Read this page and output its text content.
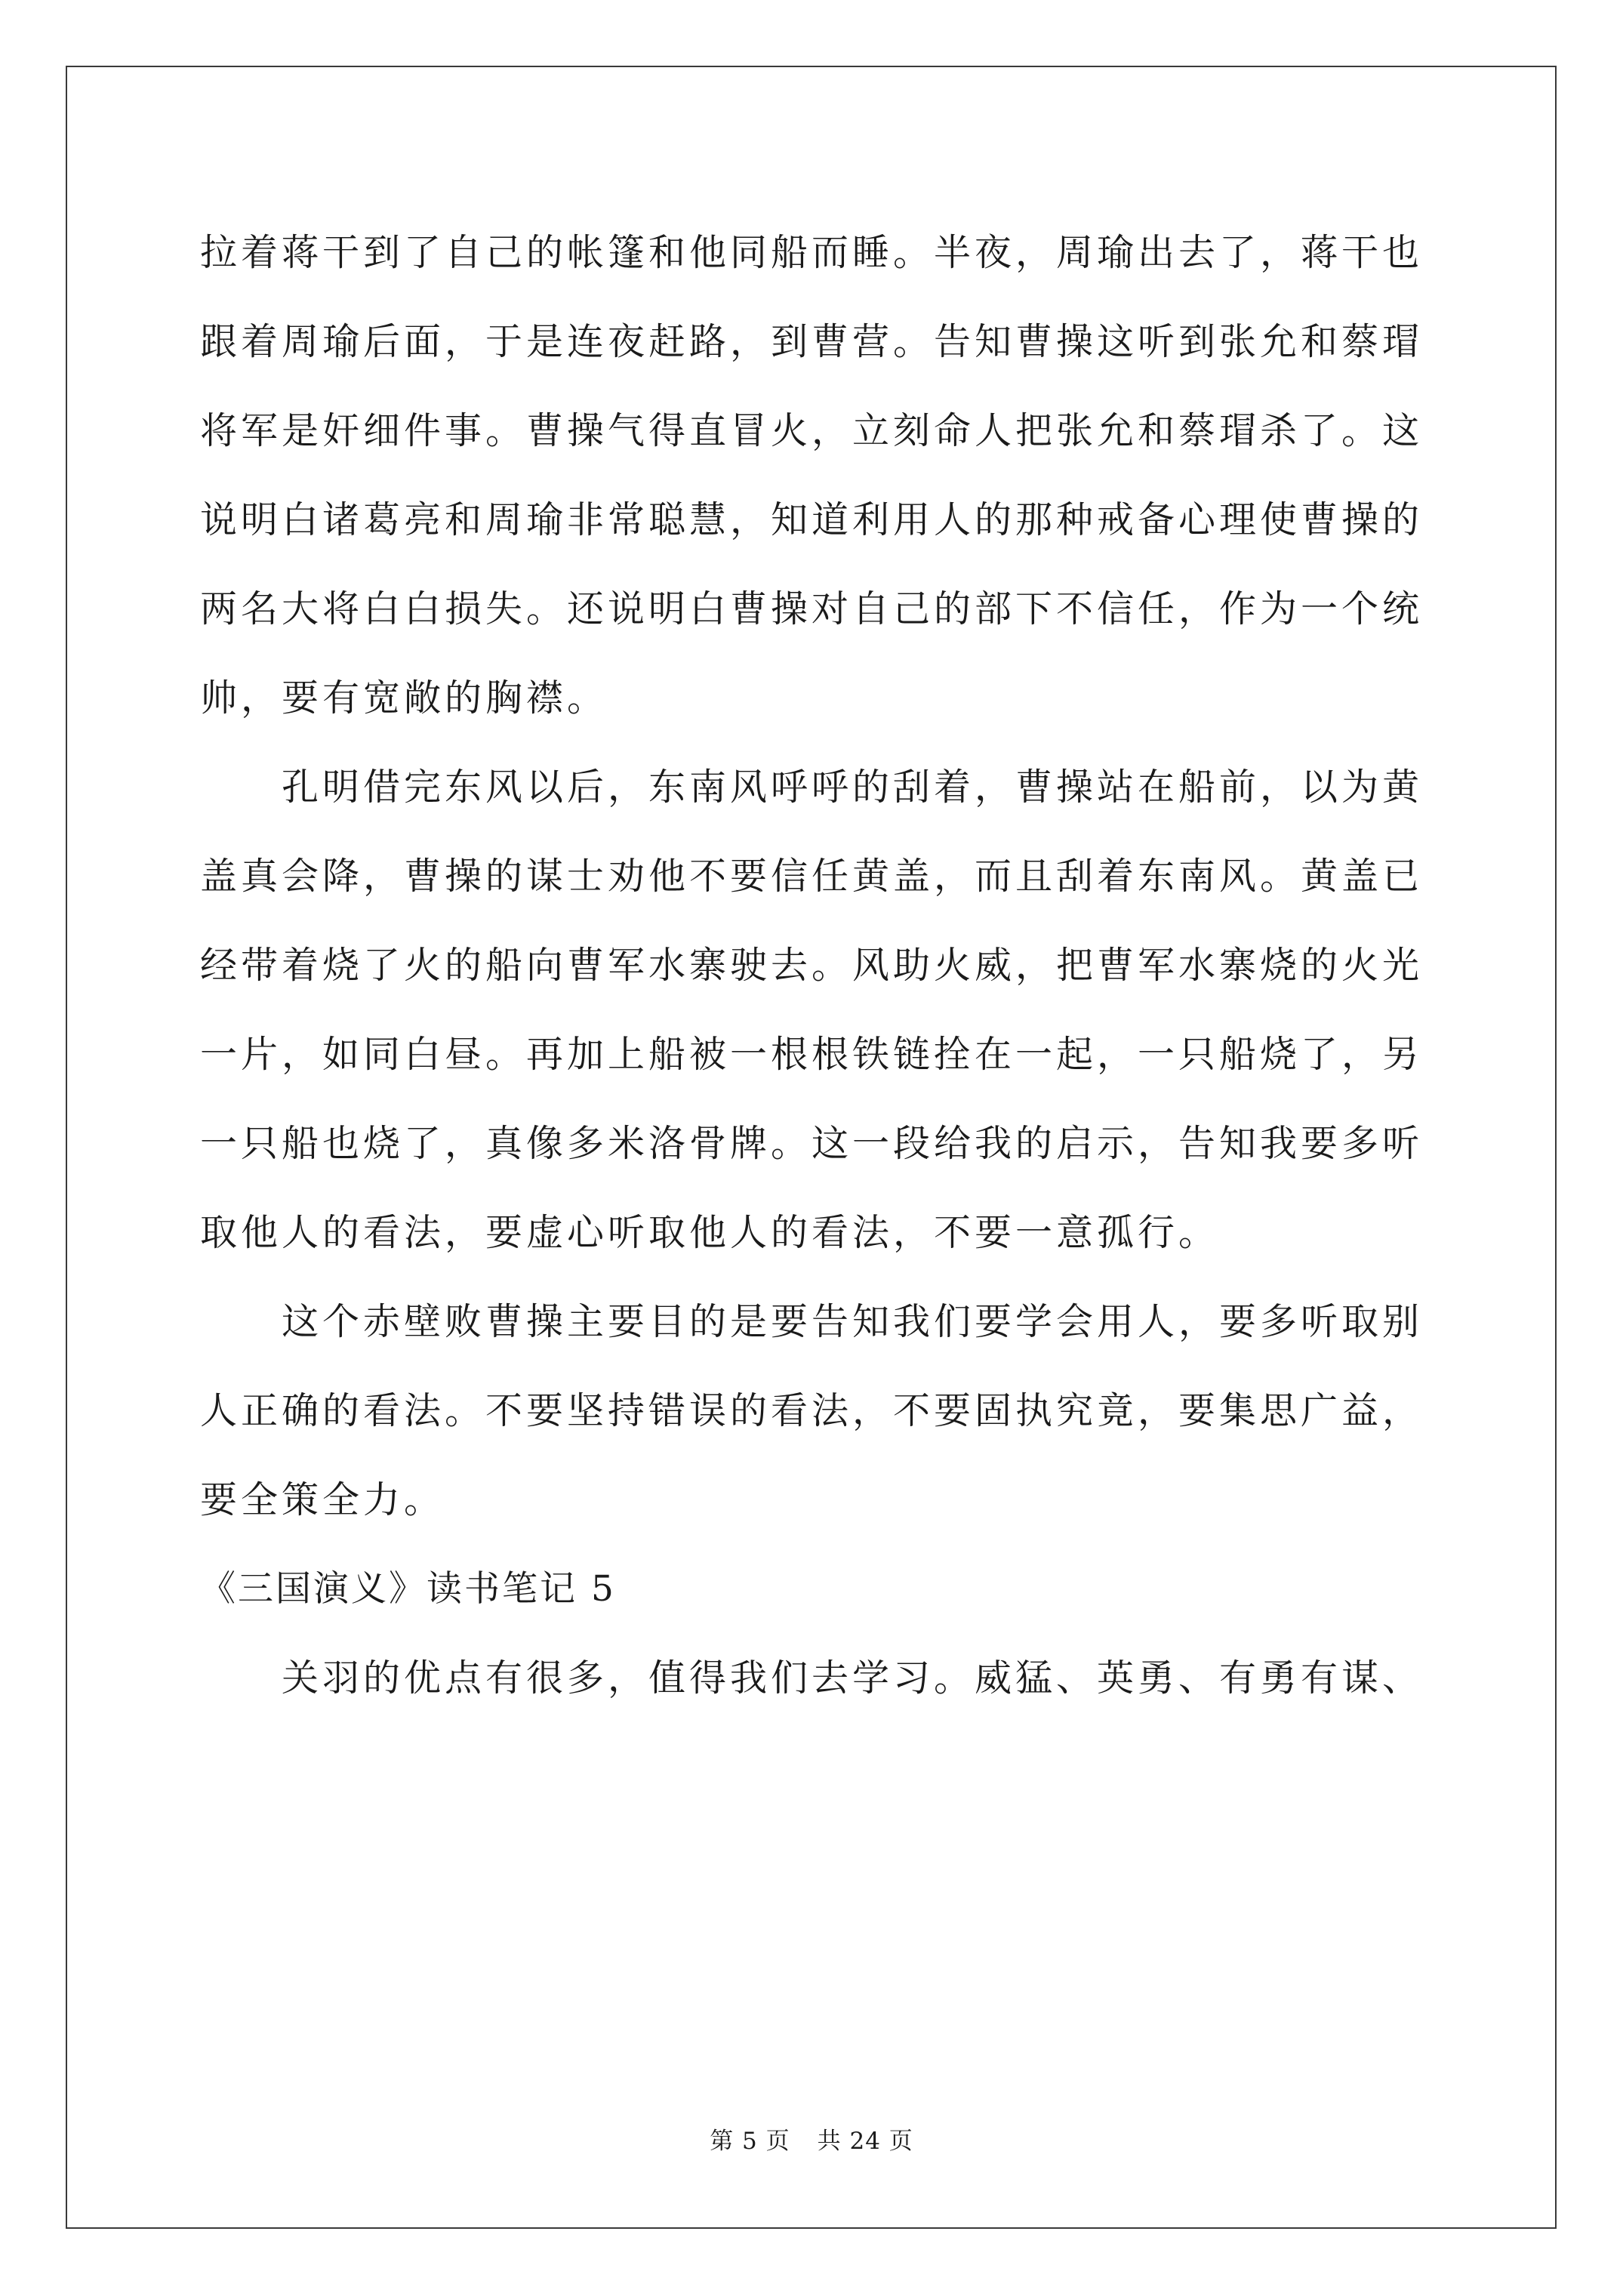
拉着蒋干到了自己的帐篷和他同船而睡。半夜，周瑜出去了，蒋干也
跟着周瑜后面，于是连夜赶路，到曹营。告知曹操这听到张允和蔡瑁
将军是奸细件事。曹操气得直冒火，立刻命人把张允和蔡瑁杀了。这
说明白诸葛亮和周瑜非常聪慧，知道利用人的那种戒备心理使曹操的
两名大将白白损失。还说明白曹操对自己的部下不信任，作为一个统
帅，要有宽敞的胸襟。
　　孔明借完东风以后，东南风呼呼的刮着，曹操站在船前，以为黄
盖真会降，曹操的谋士劝他不要信任黄盖，而且刮着东南风。黄盖已
经带着烧了火的船向曹军水寨驶去。风助火威，把曹军水寨烧的火光
一片，如同白昼。再加上船被一根根铁链拴在一起，一只船烧了，另
一只船也烧了，真像多米洛骨牌。这一段给我的启示，告知我要多听
取他人的看法，要虚心听取他人的看法，不要一意孤行。
　　这个赤壁败曹操主要目的是要告知我们要学会用人，要多听取别
人正确的看法。不要坚持错误的看法，不要固执究竟，要集思广益，
要全策全力。
《三国演义》读书笔记 5
　　关羽的优点有很多，值得我们去学习。威猛、英勇、有勇有谋、
第 5 页 共 24 页
